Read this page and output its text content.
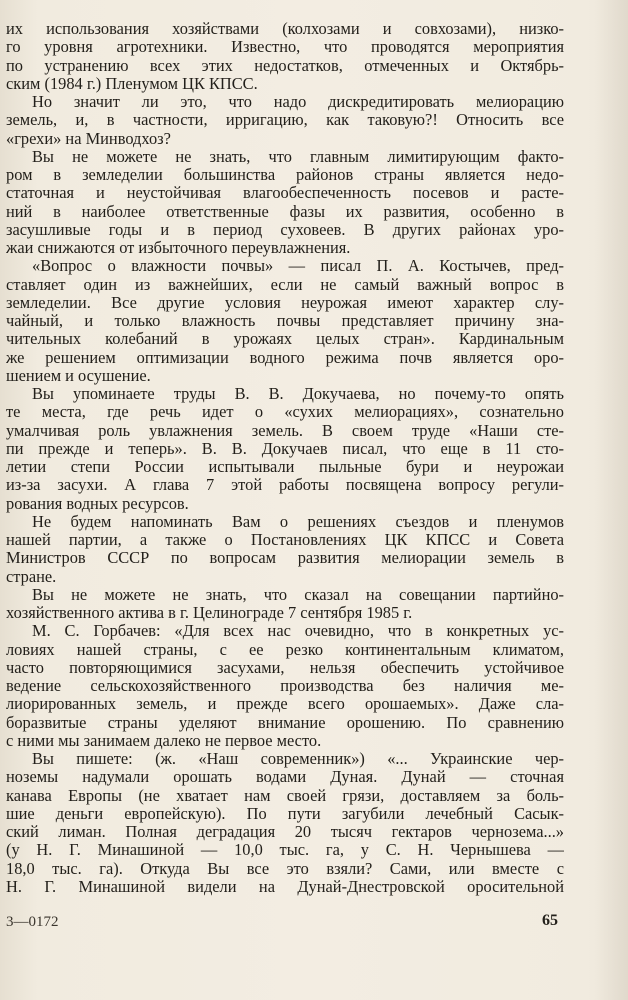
их использования хозяйствами (колхозами и совхозами), низко-
го уровня агротехники. Известно, что проводятся мероприятия
по устранению всех этих недостатков, отмеченных и Октябрь-
ским (1984 г.) Пленумом ЦК КПСС.
Но значит ли это, что надо дискредитировать мелиорацию
земель, и, в частности, ирригацию, как таковую?! Относить все
«грехи» на Минводхоз?
Вы не можете не знать, что главным лимитирующим факто-
ром в земледелии большинства районов страны является недо-
статочная и неустойчивая влагообеспеченность посевов и расте-
ний в наиболее ответственные фазы их развития, особенно в
засушливые годы и в период суховеев. В других районах уро-
жаи снижаются от избыточного переувлажнения.
«Вопрос о влажности почвы» — писал П. А. Костычев, пред-
ставляет один из важнейших, если не самый важный вопрос в
земледелии. Все другие условия неурожая имеют характер слу-
чайный, и только влажность почвы представляет причину зна-
чительных колебаний в урожаях целых стран». Кардинальным
же решением оптимизации водного режима почв является оро-
шением и осушение.
Вы упоминаете труды В. В. Докучаева, но почему-то опять
те места, где речь идет о «сухих мелиорациях», сознательно
умалчивая роль увлажнения земель. В своем труде «Наши сте-
пи прежде и теперь». В. В. Докучаев писал, что еще в 11 сто-
летии степи России испытывали пыльные бури и неурожаи
из-за засухи. А глава 7 этой работы посвящена вопросу регули-
рования водных ресурсов.
Не будем напоминать Вам о решениях съездов и пленумов
нашей партии, а также о Постановлениях ЦК КПСС и Совета
Министров СССР по вопросам развития мелиорации земель в
стране.
Вы не можете не знать, что сказал на совещании партийно-
хозяйственного актива в г. Целинограде 7 сентября 1985 г.
М. С. Горбачев: «Для всех нас очевидно, что в конкретных ус-
ловиях нашей страны, с ее резко континентальным климатом,
часто повторяющимися засухами, нельзя обеспечить устойчивое
ведение сельскохозяйственного производства без наличия ме-
лиорированных земель, и прежде всего орошаемых». Даже сла-
боразвитые страны уделяют внимание орошению. По сравнению
с ними мы занимаем далеко не первое место.
Вы пишете: (ж. «Наш современник») «... Украинские чер-
ноземы надумали орошать водами Дуная. Дунай — сточная
канава Европы (не хватает нам своей грязи, доставляем за боль-
шие деньги европейскую). По пути загубили лечебный Сасык-
ский лиман. Полная деградация 20 тысяч гектаров чернозема...»
(у Н. Г. Минашиной — 10,0 тыс. га, у С. Н. Чернышева —
18,0 тыс. га). Откуда Вы все это взяли? Сами, или вместе с
Н. Г. Минашиной видели на Дунай-Днестровской оросительной
3—0172	65
